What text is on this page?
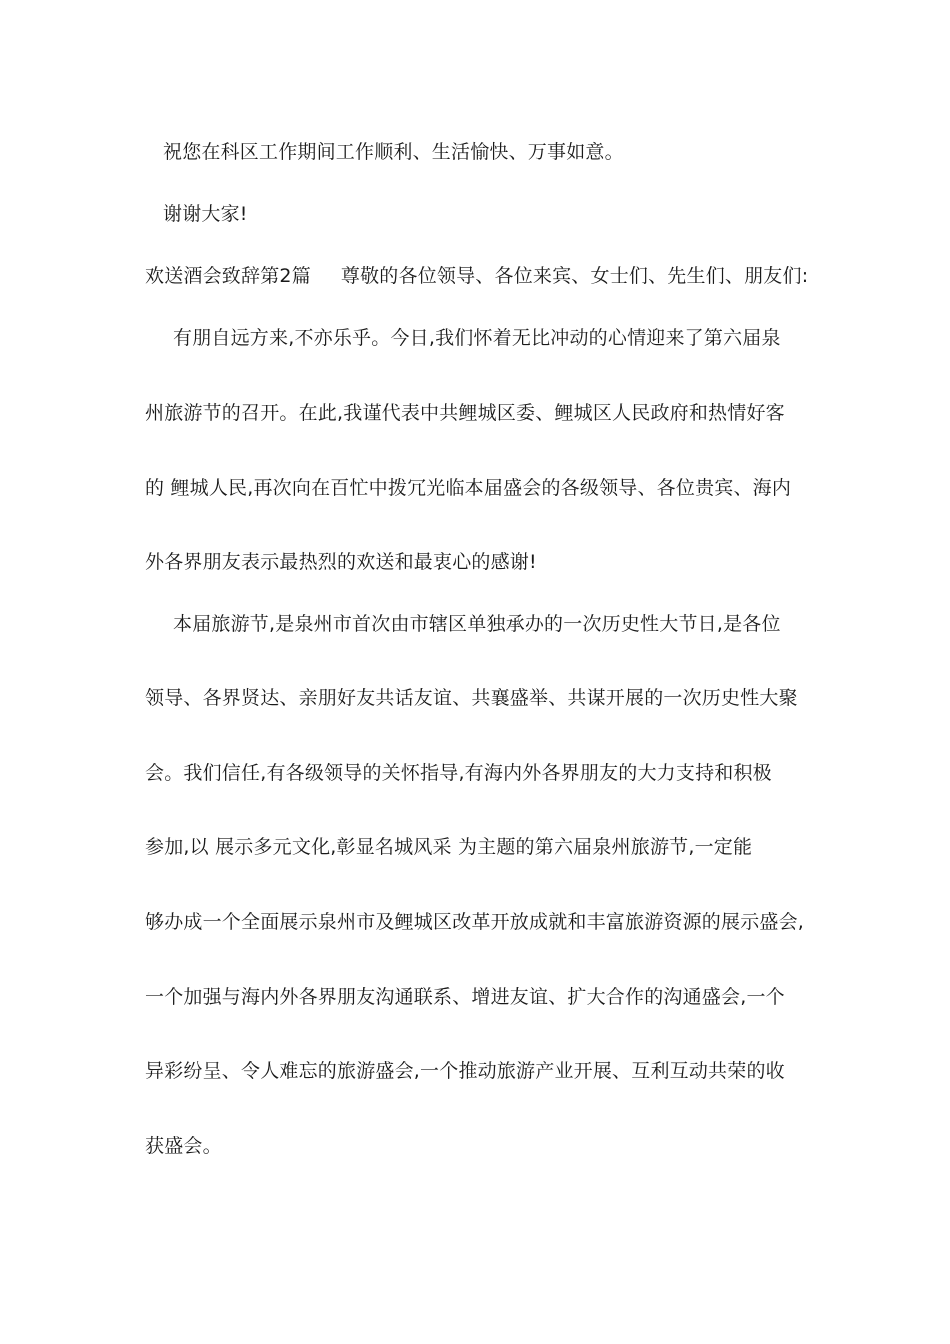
祝您在科区工作期间工作顺利、生活愉快、万事如意。
谢谢大家!
欢送酒会致辞第2篇 尊敬的各位领导、各位来宾、女士们、先生们、朋友们:
有朋自远方来,不亦乐乎。今日,我们怀着无比冲动的心情迎来了第六届泉
州旅游节的召开。在此,我谨代表中共鲤城区委、鲤城区人民政府和热情好客
的 鲤城人民,再次向在百忙中拨冗光临本届盛会的各级领导、各位贵宾、海内
外各界朋友表示最热烈的欢送和最衷心的感谢!
本届旅游节,是泉州市首次由市辖区单独承办的一次历史性大节日,是各位
领导、各界贤达、亲朋好友共话友谊、共襄盛举、共谋开展的一次历史性大聚
会。我们信任,有各级领导的关怀指导,有海内外各界朋友的大力支持和积极
参加,以 展示多元文化,彰显名城风采 为主题的第六届泉州旅游节,一定能
够办成一个全面展示泉州市及鲤城区改革开放成就和丰富旅游资源的展示盛会,
一个加强与海内外各界朋友沟通联系、增进友谊、扩大合作的沟通盛会,一个
异彩纷呈、令人难忘的旅游盛会,一个推动旅游产业开展、互利互动共荣的收
获盛会。
